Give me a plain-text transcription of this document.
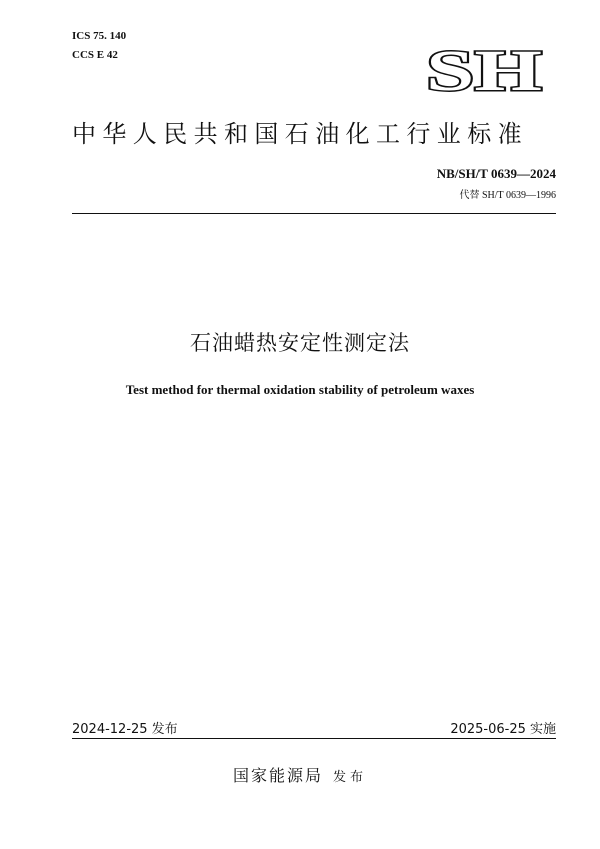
ICS 75. 140
CCS E 42	SH
中华人民共和国石油化工行业标准
NB/SH/T 0639—2024
代替 SH/T 0639—1996
石油蜡热安定性测定法
Test method for thermal oxidation stability of petroleum waxes
2024-12-25 发布	2025-06-25 实施
国家能源局 发布
